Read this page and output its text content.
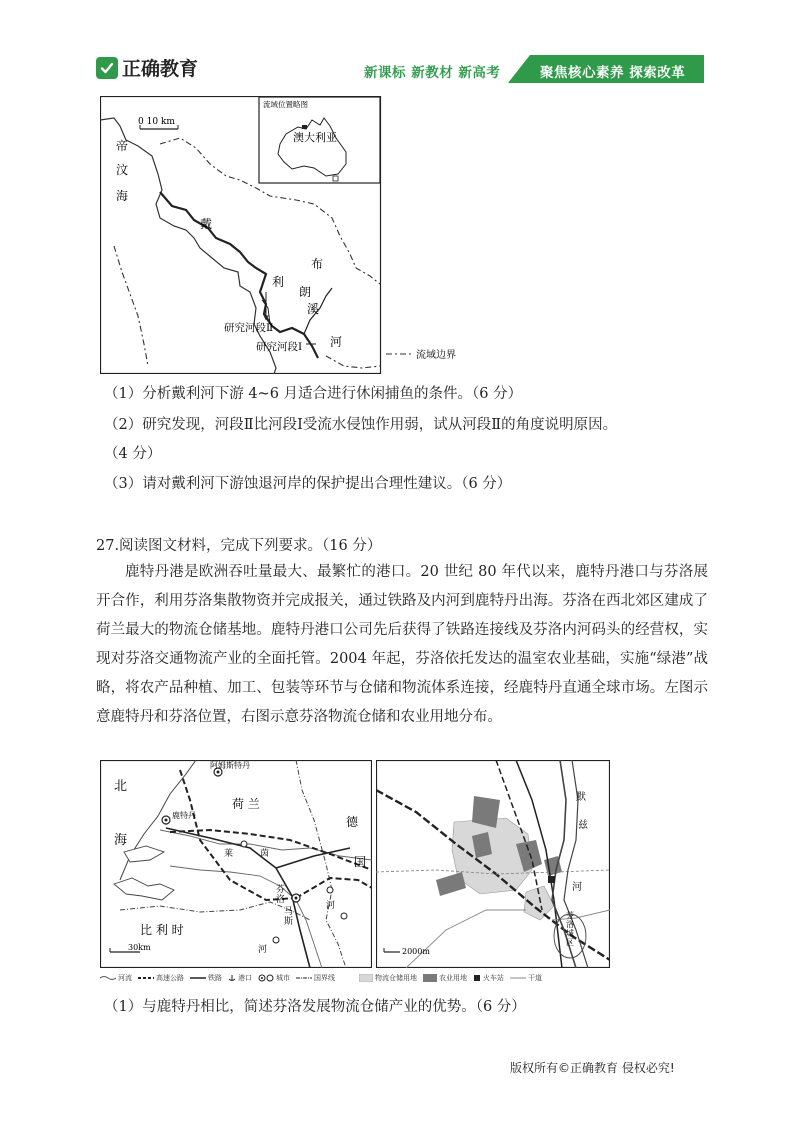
正确教育	新课标 新教材 新高考	聚焦核心素养 探索改革
流域位置略图
澳大利亚
0 10 km
帝
汶
海
戴
利
河
布
朗
溪
研究河段Ⅱ
研究河段Ⅰ
流域边界
（1）分析戴利河下游 4~6 月适合进行休闲捕鱼的条件。（6 分）
（2）研究发现，河段Ⅱ比河段Ⅰ受流水侵蚀作用弱，试从河段Ⅱ的角度说明原因。
（4 分）
（3）请对戴利河下游蚀退河岸的保护提出合理性建议。（6 分）
27.阅读图文材料，完成下列要求。（16 分）
鹿特丹港是欧洲吞吐量最大、最繁忙的港口。20 世纪 80 年代以来，鹿特丹港口与芬洛展开合作，利用芬洛集散物资并完成报关，通过铁路及内河到鹿特丹出海。芬洛在西北郊区建成了荷兰最大的物流仓储基地。鹿特丹港口公司先后获得了铁路连接线及芬洛内河码头的经营权，实现对芬洛交通物流产业的全面托管。2004 年起，芬洛依托发达的温室农业基础，实施“绿港”战略，将农产品种植、加工、包装等环节与仓储和物流体系连接，经鹿特丹直通全球市场。左图示意鹿特丹和芬洛位置，右图示意芬洛物流仓储和农业用地分布。
阿姆斯特丹
鹿特丹
北
海
荷 兰
德
国
比 利 时
芬
洛
莱	茵
马
斯
河
河
30km
默
兹
河
芬
洛
城
区
2000m
河流	高速公路	铁路 港口	城市	国界线	物流仓储用地	农业用地 火车站	干道
（1）与鹿特丹相比，简述芬洛发展物流仓储产业的优势。（6 分）
版权所有©正确教育 侵权必究!
